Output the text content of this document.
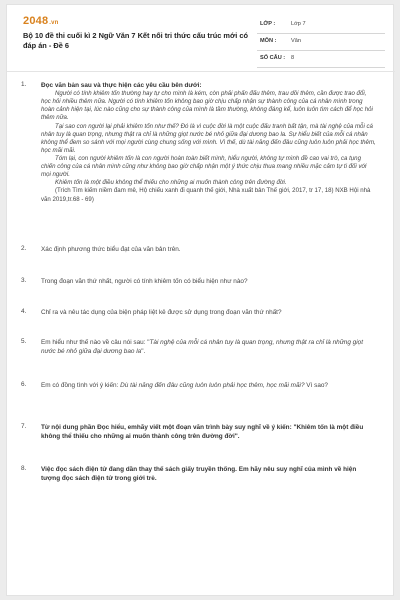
2048.vn
Bộ 10 đề thi cuối kì 2 Ngữ Văn 7 Kết nối tri thức cấu trúc mới có đáp án - Đề 6
LỚP :	Lớp 7
MÔN :	Văn
SỐ CÂU : 8
1. Đọc văn bản sau và thực hiện các yêu cầu bên dưới:
Người có tính khiêm tốn thường hay tự cho mình là kém, còn phải phấn đấu thêm, trau dồi thêm, cần được trao đổi, học hỏi nhiều thêm nữa. Người có tính khiêm tốn không bao giờ chịu chấp nhận sự thành công của cá nhân mình trong hoàn cảnh hiện tại, lúc nào cũng cho sự thành công của mình là tầm thường, không đáng kể, luôn luôn tìm cách để học hỏi thêm nữa.
Tại sao con người lại phải khiêm tốn như thế? Đó là vì cuộc đời là một cuộc đấu tranh bất tận, mà tài nghệ của mỗi cá nhân tuy là quan trọng, nhưng thật ra chỉ là những giọt nước bé nhỏ giữa đại dương bao la. Sự hiểu biết của mỗi cá nhân không thể đem so sánh với mọi người cùng chung sống với mình. Vì thế, dù tài năng đến đâu cũng luôn luôn phải học thêm, học mãi mãi.
Tóm lại, con người khiêm tốn là con người hoàn toàn biết mình, hiểu người, không tự mình đề cao vai trò, ca tụng chiến công của cá nhân mình cũng như không bao giờ chấp nhận một ý thức chịu thua mang nhiều mặc cảm tự ti đối với mọi người.
Khiêm tốn là một điều không thể thiếu cho những ai muốn thành công trên đường đời.
(Trích Tìm kiếm niềm đam mê, Hộ chiếu xanh đi quanh thế giới, Nhà xuất bản Thế giới, 2017, tr 17, 18) NXB Hội nhà văn 2019,tr.68 - 69)
2. Xác định phương thức biểu đạt của văn bản trên.
3. Trong đoạn văn thứ nhất, người có tính khiêm tốn có biểu hiện như nào?
4. Chỉ ra và nêu tác dụng của biện pháp liệt kê được sử dụng trong đoạn văn thứ nhất?
5. Em hiểu như thế nào về câu nói sau: "Tài nghệ của mỗi cá nhân tuy là quan trọng, nhưng thật ra chỉ là những giọt nước bé nhỏ giữa đại dương bao la".
6. Em có đồng tình với ý kiến: Dù tài năng đến đâu cũng luôn luôn phải học thêm, học mãi mãi? Vì sao?
7. Từ nội dung phần Đọc hiểu, emhãy viết một đoạn văn trình bày suy nghĩ về ý kiến: "Khiêm tốn là một điều không thể thiếu cho những ai muốn thành công trên đường đời".
8. Việc đọc sách điện tử đang dần thay thế sách giấy truyền thống. Em hãy nêu suy nghĩ của mình về hiện tượng đọc sách điện tử trong giới trẻ.
